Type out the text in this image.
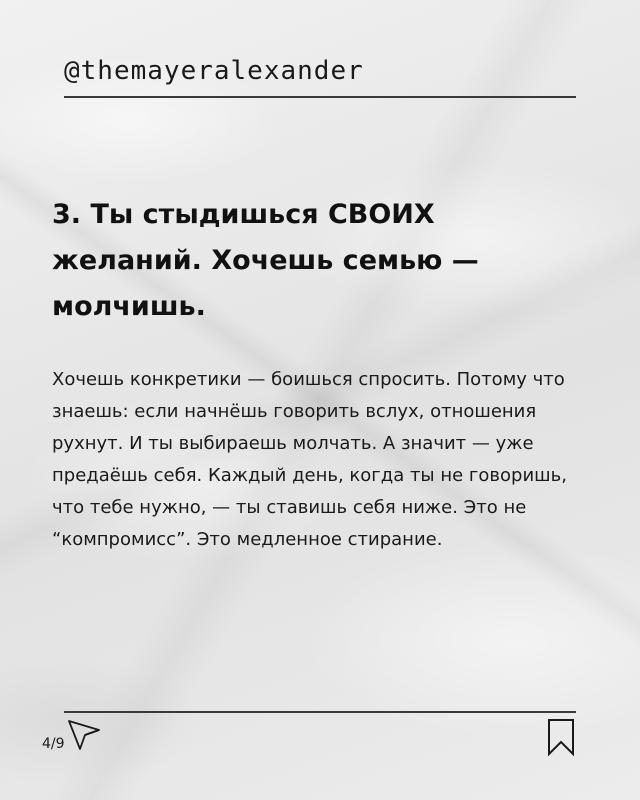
@themayeralexander
3. Ты стыдишься СВОИХ желаний. Хочешь семью — молчишь.

Хочешь конкретики — боишься спросить. Потому что знаешь: если начнёшь говорить вслух, отношения рухнут. И ты выбираешь молчать. А значит — уже предаёшь себя. Каждый день, когда ты не говоришь, что тебе нужно, — ты ставишь себя ниже. Это не “компромисс”. Это медленное стирание.

4/9
